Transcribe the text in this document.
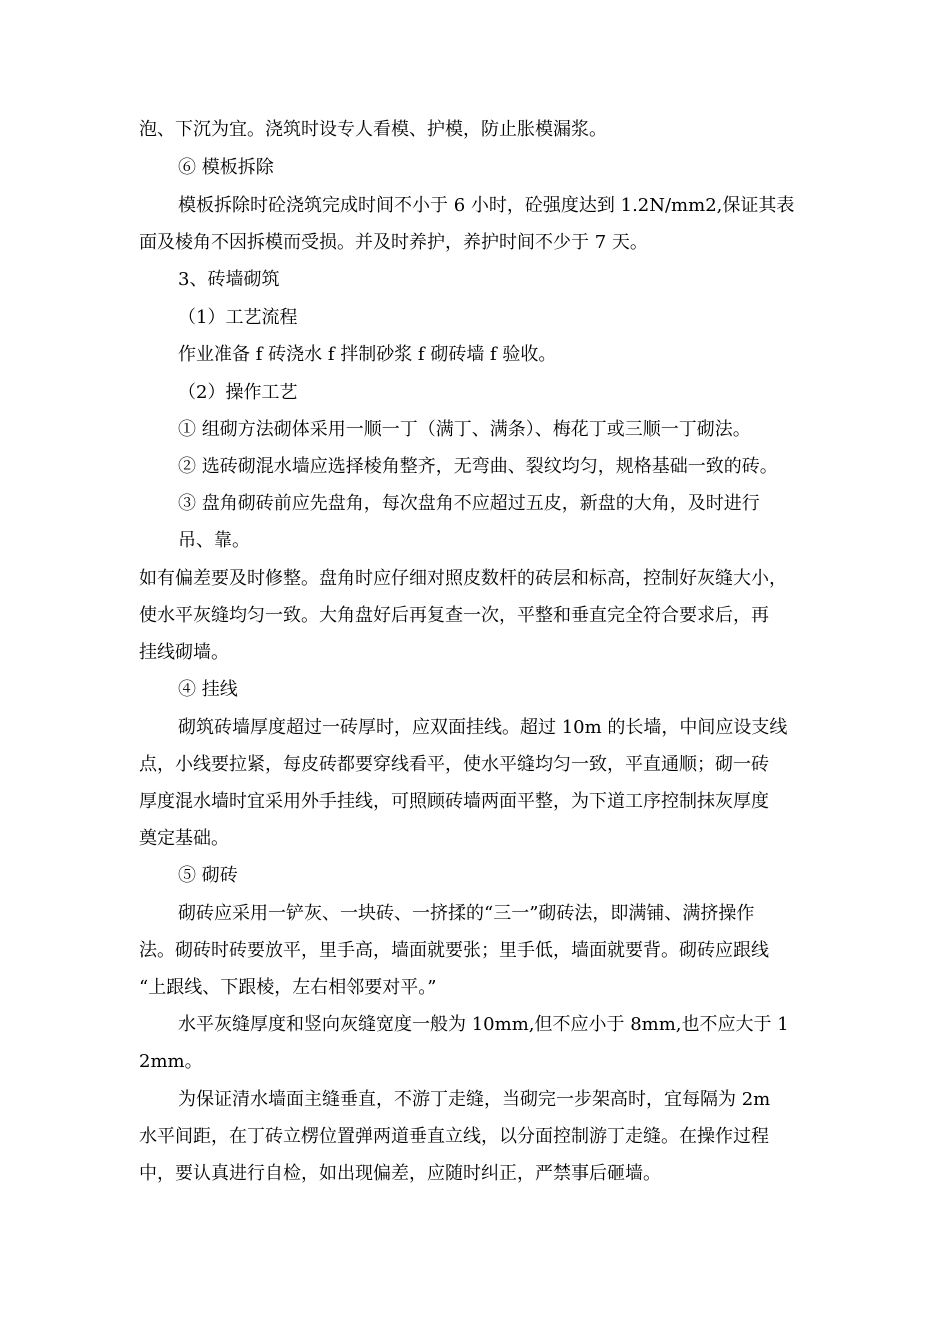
泡、下沉为宜。浇筑时设专人看模、护模，防止胀模漏浆。

⑥ 模板拆除

模板拆除时砼浇筑完成时间不小于 6 小时，砼强度达到 1.2N/mm2,保证其表

面及棱角不因拆模而受损。并及时养护，养护时间不少于 7 天。

3、砖墙砌筑

（1）工艺流程

作业准备 f 砖浇水 f 拌制砂浆 f 砌砖墙 f 验收。

（2）操作工艺

① 组砌方法砌体采用一顺一丁（满丁、满条）、梅花丁或三顺一丁砌法。

② 选砖砌混水墙应选择棱角整齐，无弯曲、裂纹均匀，规格基础一致的砖。

③ 盘角砌砖前应先盘角，每次盘角不应超过五皮，新盘的大角，及时进行

吊、靠。

如有偏差要及时修整。盘角时应仔细对照皮数杆的砖层和标高，控制好灰缝大小，

使水平灰缝均匀一致。大角盘好后再复查一次，平整和垂直完全符合要求后，再

挂线砌墙。

④ 挂线

砌筑砖墙厚度超过一砖厚时，应双面挂线。超过 10m 的长墙，中间应设支线

点，小线要拉紧，每皮砖都要穿线看平，使水平缝均匀一致，平直通顺；砌一砖

厚度混水墙时宜采用外手挂线，可照顾砖墙两面平整，为下道工序控制抹灰厚度

奠定基础。

⑤ 砌砖

砌砖应采用一铲灰、一块砖、一挤揉的“三一”砌砖法，即满铺、满挤操作

法。砌砖时砖要放平，里手高，墙面就要张；里手低，墙面就要背。砌砖应跟线

“上跟线、下跟棱，左右相邻要对平。”

水平灰缝厚度和竖向灰缝宽度一般为 10mm,但不应小于 8mm,也不应大于 1

2mm。

为保证清水墙面主缝垂直，不游丁走缝，当砌完一步架高时，宜每隔为 2m

水平间距，在丁砖立楞位置弹两道垂直立线，以分面控制游丁走缝。在操作过程

中，要认真进行自检，如出现偏差，应随时纠正，严禁事后砸墙。
